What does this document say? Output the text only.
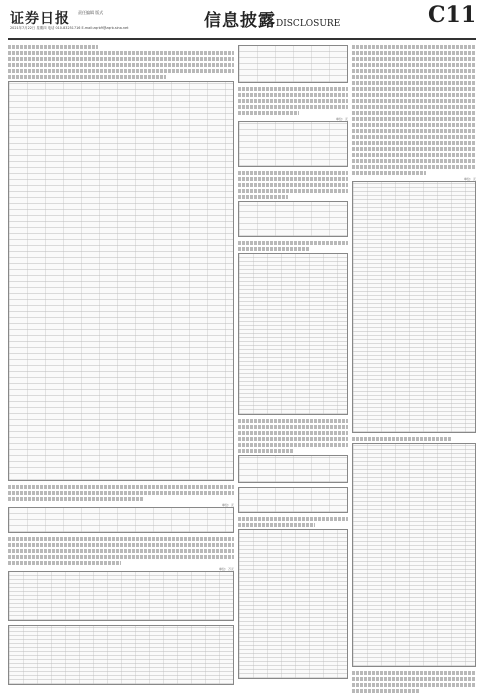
证券日报 责任编辑 版式
2021年7月22日 星期四 电话 010-83251716 E-mail:zqrb9@zqrb.sina.net	信息披露DISCLOSURE	C11
单位：元
单位：万元
单位：元
单位：元
